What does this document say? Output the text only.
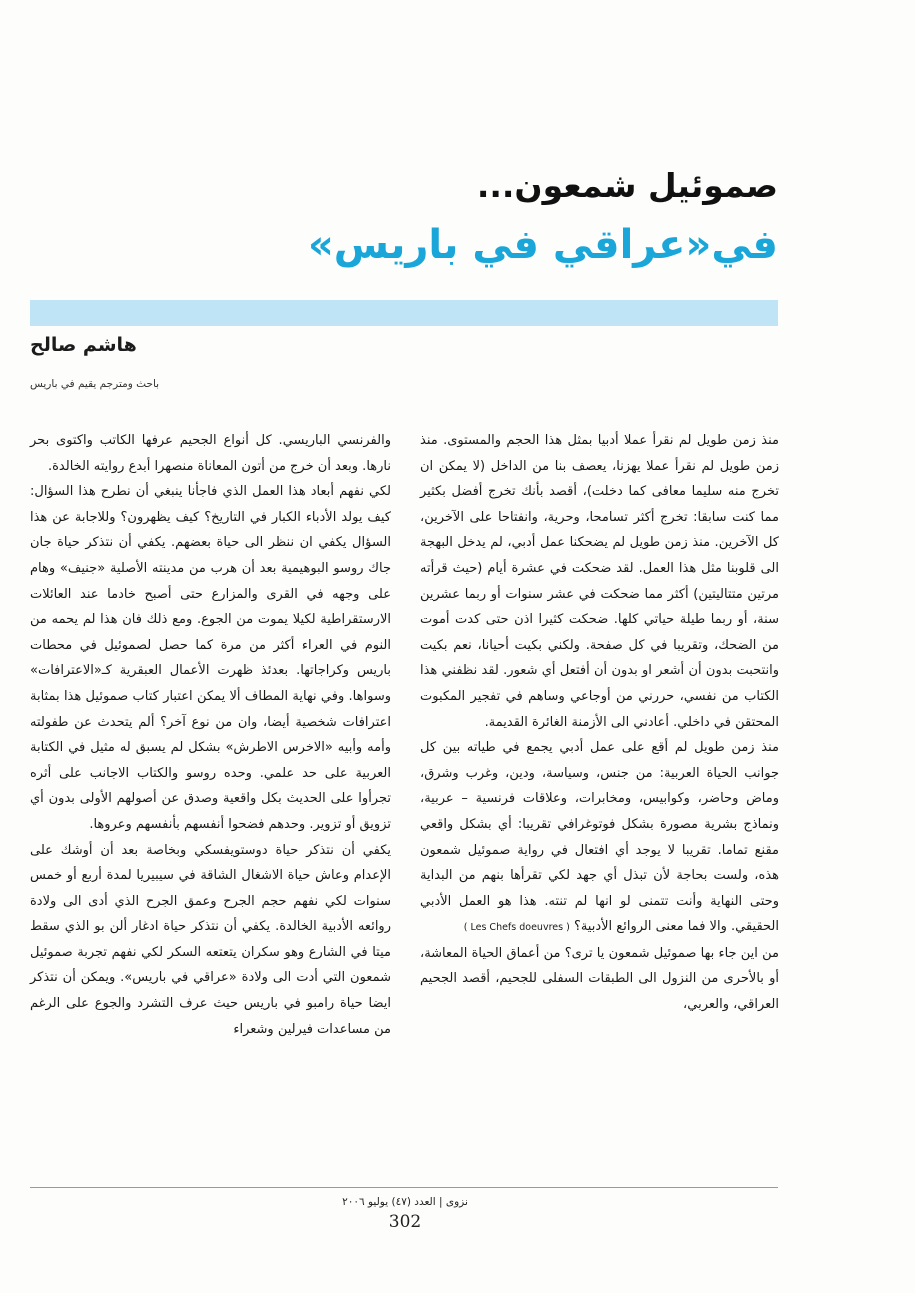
صموئيل شمعون...
في«عراقي في باريس»
هاشم صالح
باحث ومترجم يقيم في باريس

منذ زمن طويل لم نقرأ عملا أدبيا بمثل هذا الحجم والمستوى. منذ زمن طويل لم نقرأ عملا يهزنا، يعصف بنا من الداخل (لا يمكن ان تخرج منه سليما معافى كما دخلت)، أقصد بأنك تخرج أفضل بكثير مما كنت سابقا: تخرج أكثر تسامحا، وحرية، وانفتاحا على الآخرين، كل الآخرين. منذ زمن طويل لم يضحكنا عمل أدبي، لم يدخل البهجة الى قلوبنا مثل هذا العمل. لقد ضحكت في عشرة أيام (حيث قرأته مرتين متتاليتين) أكثر مما ضحكت في عشر سنوات أو ربما عشرين سنة، أو ربما طيلة حياتي كلها. ضحكت كثيرا اذن حتى كدت أموت من الضحك، وتقريبا في كل صفحة. ولكني بكيت أحيانا، نعم بكيت وانتحبت بدون أن أشعر او بدون أن أفتعل أي شعور. لقد نظفني هذا الكتاب من نفسي، حررني من أوجاعي وساهم في تفجير المكبوت المحتقن في داخلي. أعادني الى الأزمنة الغائرة القديمة.

منذ زمن طويل لم أقع على عمل أدبي يجمع في طياته بين كل جوانب الحياة العربية: من جنس، وسياسة، ودين، وغرب وشرق، وماض وحاضر، وكوابيس، ومخابرات، وعلاقات فرنسية – عربية، ونماذج بشرية مصورة بشكل فوتوغرافي تقريبا: أي بشكل واقعي مقنع تماما. تقريبا لا يوجد أي افتعال في رواية صموئيل شمعون هذه، ولست بحاجة لأن تبذل أي جهد لكي تقرأها بنهم من البداية وحتى النهاية وأنت تتمنى لو انها لم تنته. هذا هو العمل الأدبي الحقيقي. والا فما معنى الروائع الأدبية؟ ( Les Chefs doeuvres )

من اين جاء بها صموئيل شمعون يا ترى؟ من أعماق الحياة المعاشة، أو بالأحرى من النزول الى الطبقات السفلى للجحيم، أقصد الجحيم العراقي، والعربي،

والفرنسي الباريسي. كل أنواع الجحيم عرفها الكاتب واكتوى بحر نارها. وبعد أن خرج من أتون المعاناة منصهرا أبدع روايته الخالدة.

لكي نفهم أبعاد هذا العمل الذي فاجأنا ينبغي أن نطرح هذا السؤال: كيف يولد الأدباء الكبار في التاريخ؟ كيف يظهرون؟ وللاجابة عن هذا السؤال يكفي ان ننظر الى حياة بعضهم. يكفي أن نتذكر حياة جان جاك روسو البوهيمية بعد أن هرب من مدينته الأصلية «جنيف» وهام على وجهه في القرى والمزارع حتى أصبح خادما عند العائلات الارستقراطية لكيلا يموت من الجوع. ومع ذلك فان هذا لم يحمه من النوم في العراء أكثر من مرة كما حصل لصموئيل في محطات باريس وكراجاتها. بعدئذ ظهرت الأعمال العبقرية كـ«الاعترافات» وسواها. وفي نهاية المطاف ألا يمكن اعتبار كتاب صموئيل هذا بمثابة اعترافات شخصية أيضا، وان من نوع آخر؟ ألم يتحدث عن طفولته وأمه وأبيه «الاخرس الاطرش» بشكل لم يسبق له مثيل في الكتابة العربية على حد علمي. وحده روسو والكتاب الاجانب على أثره تجرأوا على الحديث بكل واقعية وصدق عن أصولهم الأولى بدون أي تزويق أو تزوير. وحدهم فضحوا أنفسهم بأنفسهم وعروها.

يكفي أن نتذكر حياة دوستويفسكي وبخاصة بعد أن أوشك على الإعدام وعاش حياة الاشغال الشاقة في سيبيريا لمدة أربع أو خمس سنوات لكي نفهم حجم الجرح وعمق الجرح الذي أدى الى ولادة روائعه الأدبية الخالدة. يكفي أن نتذكر حياة ادغار ألن بو الذي سقط ميتا في الشارع وهو سكران يتعتعه السكر لكي نفهم تجربة صموئيل شمعون التي أدت الى ولادة «عراقي في باريس». ويمكن أن نتذكر ايضا حياة رامبو في باريس حيث عرف التشرد والجوع على الرغم من مساعدات فيرلين وشعراء

نزوى | العدد (٤٧) يوليو ٢٠٠٦
302
